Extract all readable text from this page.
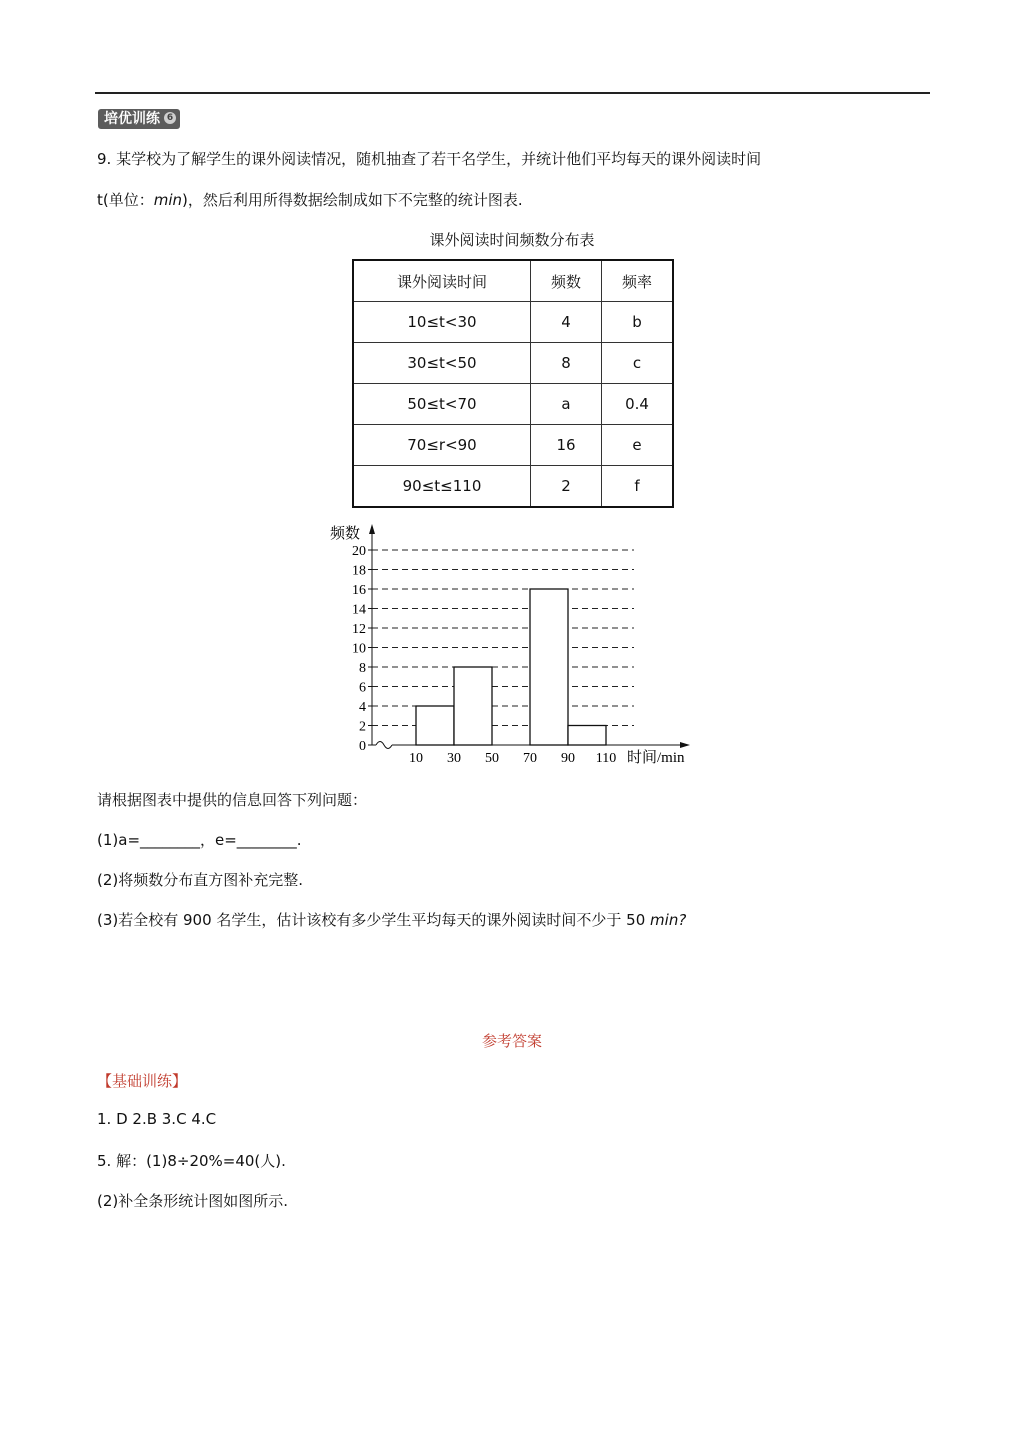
培优训练 6
9. 某学校为了解学生的课外阅读情况，随机抽查了若干名学生，并统计他们平均每天的课外阅读时间
t(单位：min)，然后利用所得数据绘制成如下不完整的统计图表.
课外阅读时间频数分布表
课外阅读时间	频数	频率
10≤t<30	4	b
30≤t<50	8	c
50≤t<70	a	0.4
70≤r<90	16	e
90≤t≤110	2	f
0
2
4
6
8
10
12
14
16
18
20
10 30 50 70 90 110
频数
时间/min
请根据图表中提供的信息回答下列问题：
(1)a=________，e=________.
(2)将频数分布直方图补充完整.
(3)若全校有 900 名学生，估计该校有多少学生平均每天的课外阅读时间不少于 50 min?
参考答案
【基础训练】
1. D 2.B 3.C 4.C
5. 解：(1)8÷20%=40(人).
(2)补全条形统计图如图所示.
